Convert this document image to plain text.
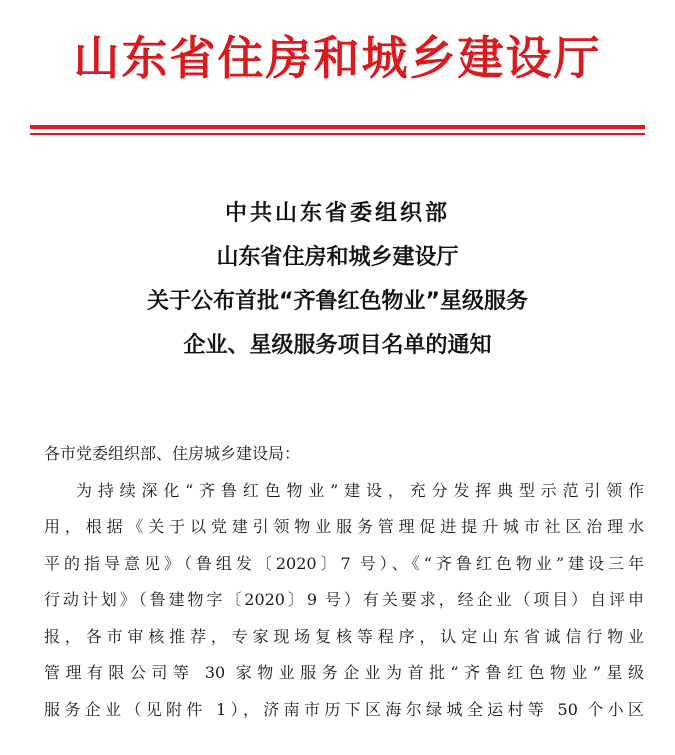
山东省住房和城乡建设厅
中共山东省委组织部
山东省住房和城乡建设厅
关于公布首批“齐鲁红色物业”星级服务
企业、星级服务项目名单的通知
各市党委组织部、住房城乡建设局：
为持续深化“齐鲁红色物业”建设，充分发挥典型示范引领作
用，根据《关于以党建引领物业服务管理促进提升城市社区治理水
平的指导意见》（鲁组发〔2020〕7 号）、《“齐鲁红色物业”建设三年
行动计划》（鲁建物字〔2020〕9 号）有关要求，经企业（项目）自评申
报，各市审核推荐，专家现场复核等程序，认定山东省诚信行物业
管理有限公司等 30 家物业服务企业为首批“齐鲁红色物业”星级
服务企业（见附件 1），济南市历下区海尔绿城全运村等 50 个小区
